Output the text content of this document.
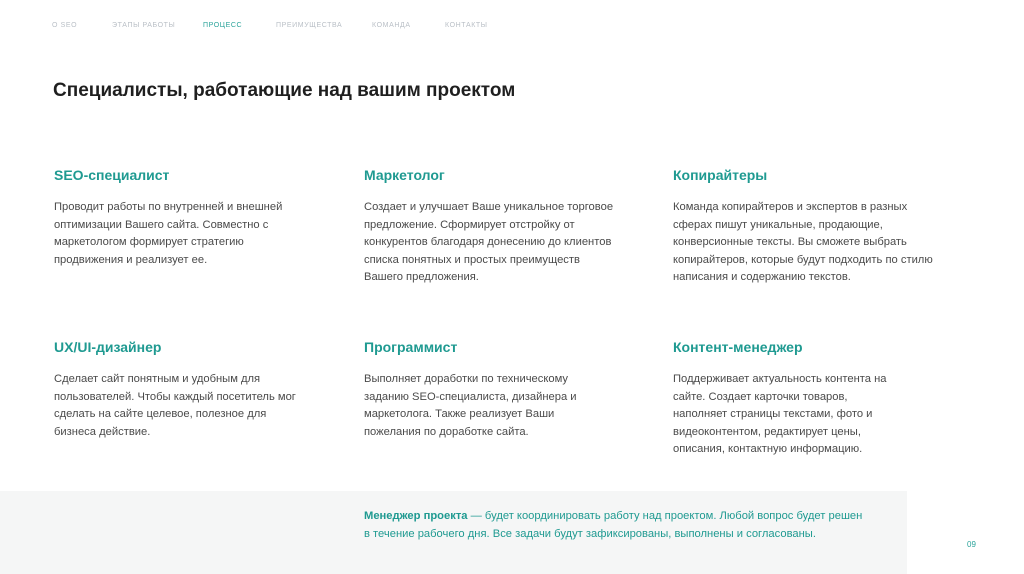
О SEO	ЭТАПЫ РАБОТЫ	ПРОЦЕСС	ПРЕИМУЩЕСТВА	КОМАНДА	КОНТАКТЫ
Специалисты, работающие над вашим проектом
SEO-специалист

Проводит работы по внутренней и внешней оптимизации Вашего сайта. Совместно с маркетологом формирует стратегию продвижения и реализует ее.

Маркетолог

Создает и улучшает Ваше уникальное торговое предложение. Сформирует отстройку от конкурентов благодаря донесению до клиентов списка понятных и простых преимуществ Вашего предложения.

Копирайтеры

Команда копирайтеров и экспертов в разных сферах пишут уникальные, продающие, конверсионные тексты. Вы сможете выбрать копирайтеров, которые будут подходить по стилю написания и содержанию текстов.

UX/UI-дизайнер

Сделает сайт понятным и удобным для пользователей. Чтобы каждый посетитель мог сделать на сайте целевое, полезное для бизнеса действие.

Программист

Выполняет доработки по техническому заданию SEO-специалиста, дизайнера и маркетолога. Также реализует Ваши пожелания по доработке сайта.

Контент-менеджер

Поддерживает актуальность контента на сайте. Создает карточки товаров, наполняет страницы текстами, фото и видеоконтентом, редактирует цены, описания, контактную информацию.

Менеджер проекта — будет координировать работу над проектом. Любой вопрос будет решен в течение рабочего дня. Все задачи будут зафиксированы, выполнены и согласованы.
09
